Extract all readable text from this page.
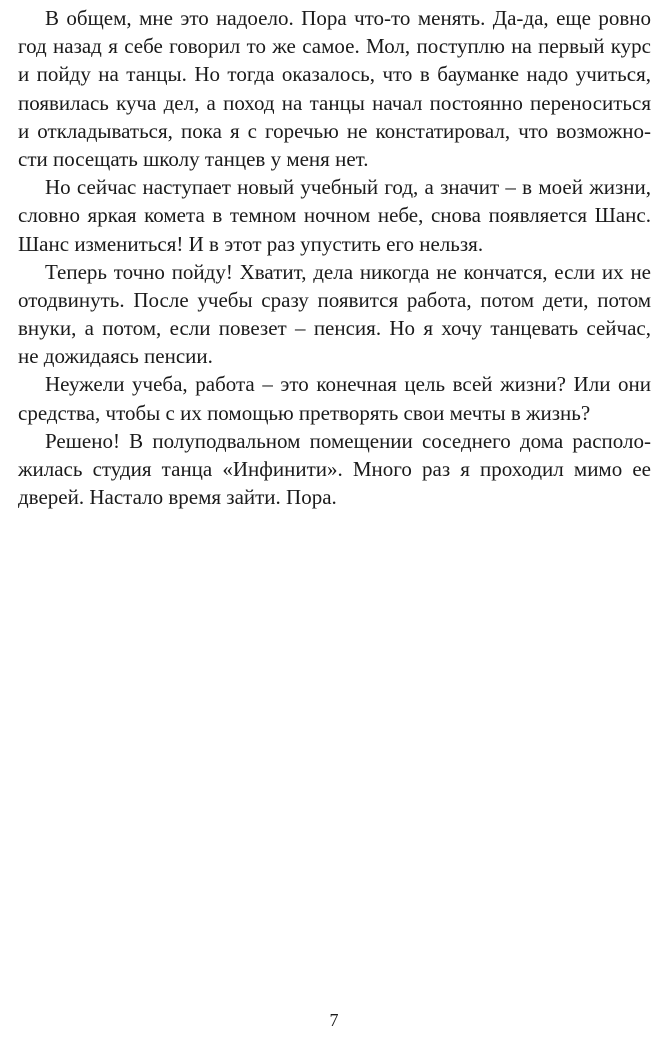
В общем, мне это надоело. Пора что-то менять. Да-да, еще ровно
год назад я себе говорил то же самое. Мол, поступлю на первый курс
и пойду на танцы. Но тогда оказалось, что в бауманке надо учиться,
появилась куча дел, а поход на танцы начал постоянно переноситься
и откладываться, пока я с горечью не констатировал, что возможно-
сти посещать школу танцев у меня нет.
Но сейчас наступает новый учебный год, а значит – в моей жизни,
словно яркая комета в темном ночном небе, снова появляется Шанс.
Шанс измениться! И в этот раз упустить его нельзя.
Теперь точно пойду! Хватит, дела никогда не кончатся, если их не
отодвинуть. После учебы сразу появится работа, потом дети, потом
внуки, а потом, если повезет – пенсия. Но я хочу танцевать сейчас,
не дожидаясь пенсии.
Неужели учеба, работа – это конечная цель всей жизни? Или они
средства, чтобы с их помощью претворять свои мечты в жизнь?
Решено! В полуподвальном помещении соседнего дома располо-
жилась студия танца «Инфинити». Много раз я проходил мимо ее
дверей. Настало время зайти. Пора.
7
